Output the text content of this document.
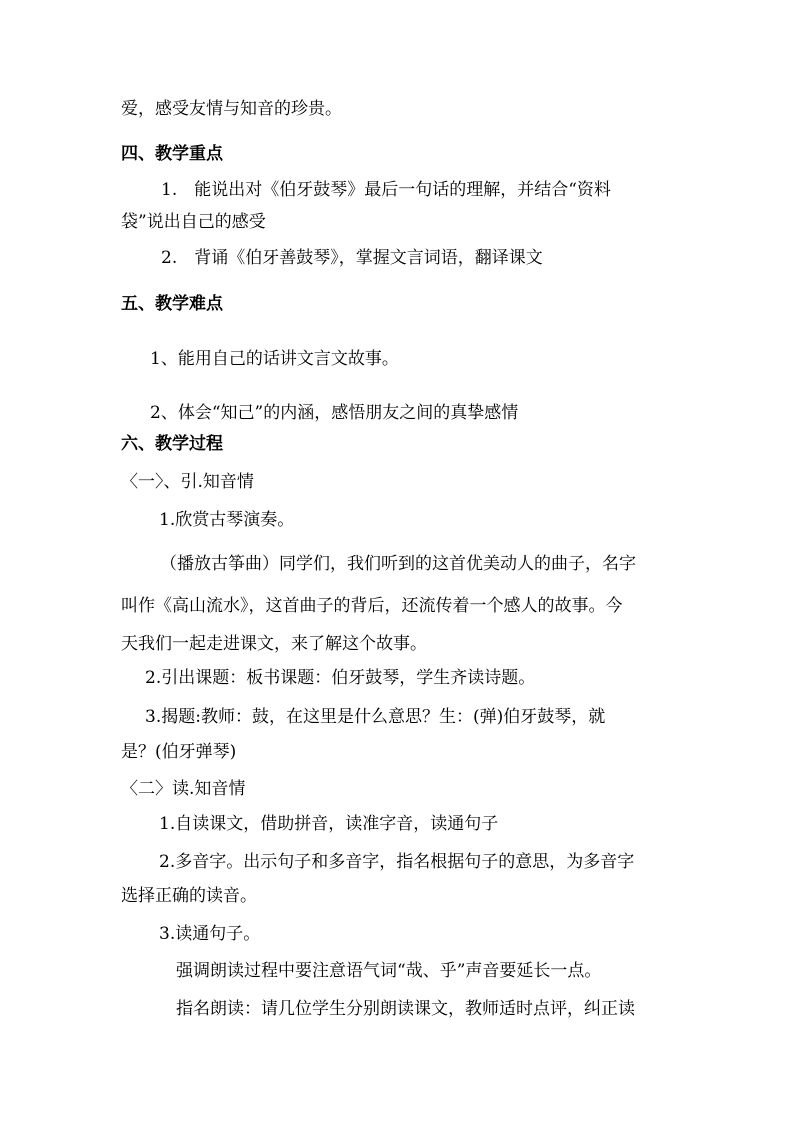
爱，感受友情与知音的珍贵。
四、教学重点
1.　能说出对《伯牙鼓琴》最后一句话的理解，并结合“资料
袋”说出自己的感受
2.　背诵《伯牙善鼓琴》，掌握文言词语，翻译课文
五、教学难点
1、能用自己的话讲文言文故事。
2、体会“知己”的内涵，感悟朋友之间的真挚感情
六、教学过程
〈一〉、引.知音情
1.欣赏古琴演奏。
（播放古筝曲）同学们，我们听到的这首优美动人的曲子，名字
叫作《高山流水》，这首曲子的背后，还流传着一个感人的故事。今
天我们一起走进课文，来了解这个故事。
2.引出课题：板书课题：伯牙鼓琴，学生齐读诗题。
3.揭题:教师：鼓，在这里是什么意思？生：(弹)伯牙鼓琴，就
是？(伯牙弹琴)
〈二〉读.知音情
1.自读课文，借助拼音，读准字音，读通句子
2.多音字。出示句子和多音字，指名根据句子的意思，为多音字
选择正确的读音。
3.读通句子。
强调朗读过程中要注意语气词“哉、乎”声音要延长一点。
指名朗读：请几位学生分别朗读课文，教师适时点评，纠正读
